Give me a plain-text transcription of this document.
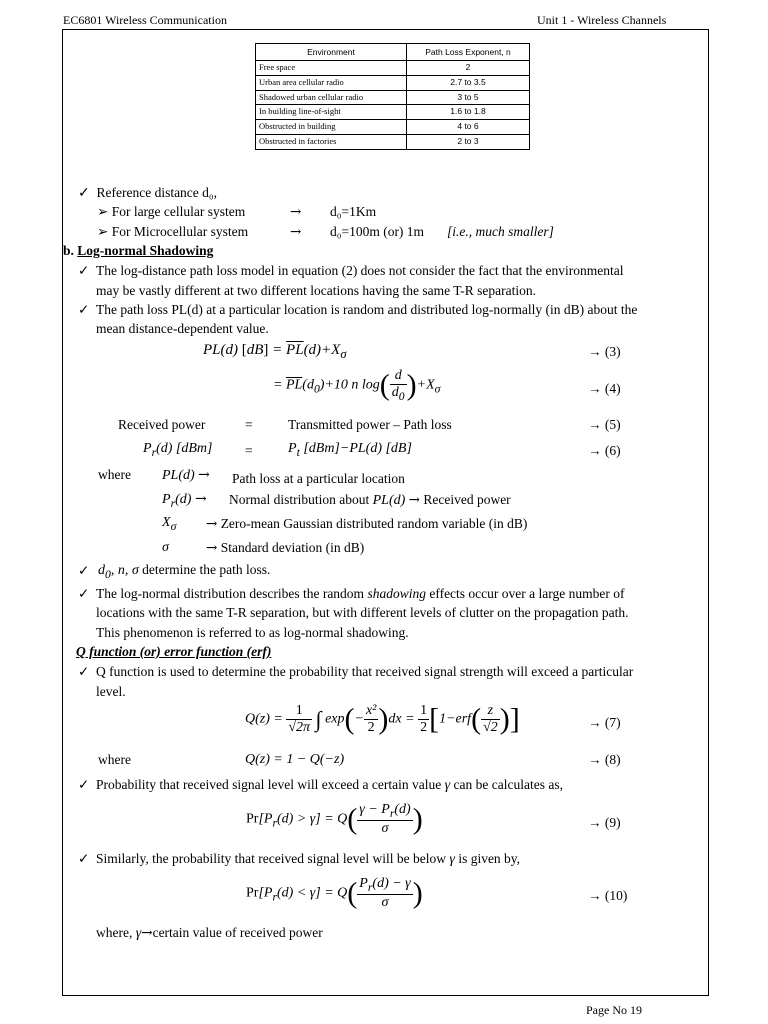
EC6801 Wireless Communication	Unit 1 - Wireless Channels
Environment	Path Loss Exponent, n
Free space	2
Urban area cellular radio	2.7 to 3.5
Shadowed urban cellular radio	3 to 5
In building line-of-sight	1.6 to 1.8
Obstructed in building	4 to 6
Obstructed in factories	2 to 3
✓ Reference distance d₀,
➢ For large cellular system	→ d₀=1Km
➢ For Microcellular system	→ d₀=100m (or) 1m [i.e., much smaller]
b. Log-normal Shadowing
✓ The log-distance path loss model in equation (2) does not consider the fact that the environmental
may be vastly different at two different locations having the same T-R separation.
✓ The path loss PL(d) at a particular location is random and distributed log-normally (in dB) about the
mean distance-dependent value.
PL(d) $[dB] = \overline{PL}(d)+X_\sigma$	→ (3)
= $\overline{PL}(d_0)+10$ n $\log( \frac{d}{d_0} )+X_\sigma$	→ (4)
Received power	=	Transmitted power – Path loss	→ (5)
$P_r(d) [dBm]$ =	$P_t$ [dBm]−PL(d) [dB]	→ (6)
where PL(d) → Path loss at a particular location
$P_r(d)$ → Normal distribution about PL(d) → Received power
$X_\sigma$ → Zero-mean Gaussian distributed random variable (in dB)
σ	→ Standard deviation (in dB)
✓ $d_0$, n, σ determine the path loss.
✓ The log-normal distribution describes the random shadowing effects occur over a large number of
locations with the same T-R separation, but with different levels of clutter on the propagation path.
This phenomenon is referred to as log-normal shadowing.
Q function (or) error function (erf)
✓ Q function is used to determine the probability that received signal strength will exceed a particular
level.
$Q(z) = \frac{1}{√2\pi}$ ∫ $\exp(- \frac{\text{x²}}{2} )dx = \frac{1}{2} [1-erf( \frac{z}{√2}$ )]	→ (7)
where	Q(z) = 1 − Q(−z)	→ (8)
✓ Probability that received signal level will exceed a certain value γ can be calculates as,
$Pr[P_r(d) > \gamma] = Q( \frac{\gamma - P_r(d)}{\sigma}$ )	→ (9)
✓ Similarly, the probability that received signal level will be below γ is given by,
$Pr[P_r(d) < \gamma] = Q( \frac{P_r(d) - \gamma}{\sigma}$ )	→ (10)
where, γ→certain value of received power
Page No 19
